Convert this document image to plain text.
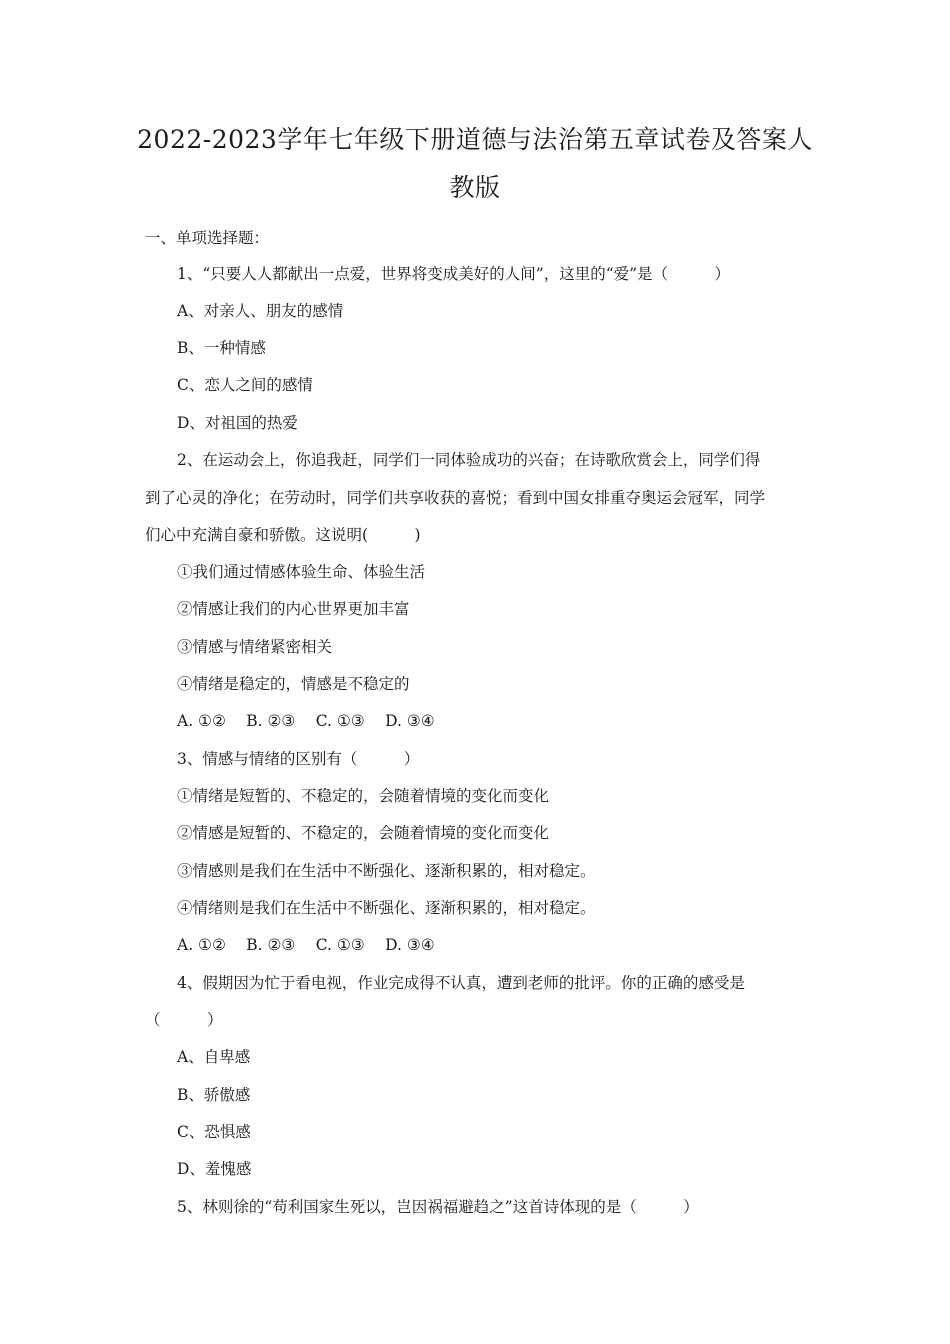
2022-2023学年七年级下册道德与法治第五章试卷及答案人
教版
一、单项选择题：
1、“只要人人都献出一点爱，世界将变成美好的人间”，这里的“爱”是（　　　）
A、对亲人、朋友的感情
B、一种情感
C、恋人之间的感情
D、对祖国的热爱
2、在运动会上，你追我赶，同学们一同体验成功的兴奋；在诗歌欣赏会上，同学们得
到了心灵的净化；在劳动时，同学们共享收获的喜悦；看到中国女排重夺奥运会冠军，同学
们心中充满自豪和骄傲。这说明(　　　)
①我们通过情感体验生命、体验生活
②情感让我们的内心世界更加丰富
③情感与情绪紧密相关
④情绪是稳定的，情感是不稳定的
A. ①②　 B. ②③　 C. ①③　 D. ③④
3、情感与情绪的区别有（　　　）
①情绪是短暂的、不稳定的，会随着情境的变化而变化
②情感是短暂的、不稳定的，会随着情境的变化而变化
③情感则是我们在生活中不断强化、逐渐积累的，相对稳定。
④情绪则是我们在生活中不断强化、逐渐积累的，相对稳定。
A. ①②　 B. ②③　 C. ①③　 D. ③④
4、假期因为忙于看电视，作业完成得不认真，遭到老师的批评。你的正确的感受是
（　　　）
A、自卑感
B、骄傲感
C、恐惧感
D、羞愧感
5、林则徐的“苟利国家生死以，岂因祸福避趋之”这首诗体现的是（　　　）
